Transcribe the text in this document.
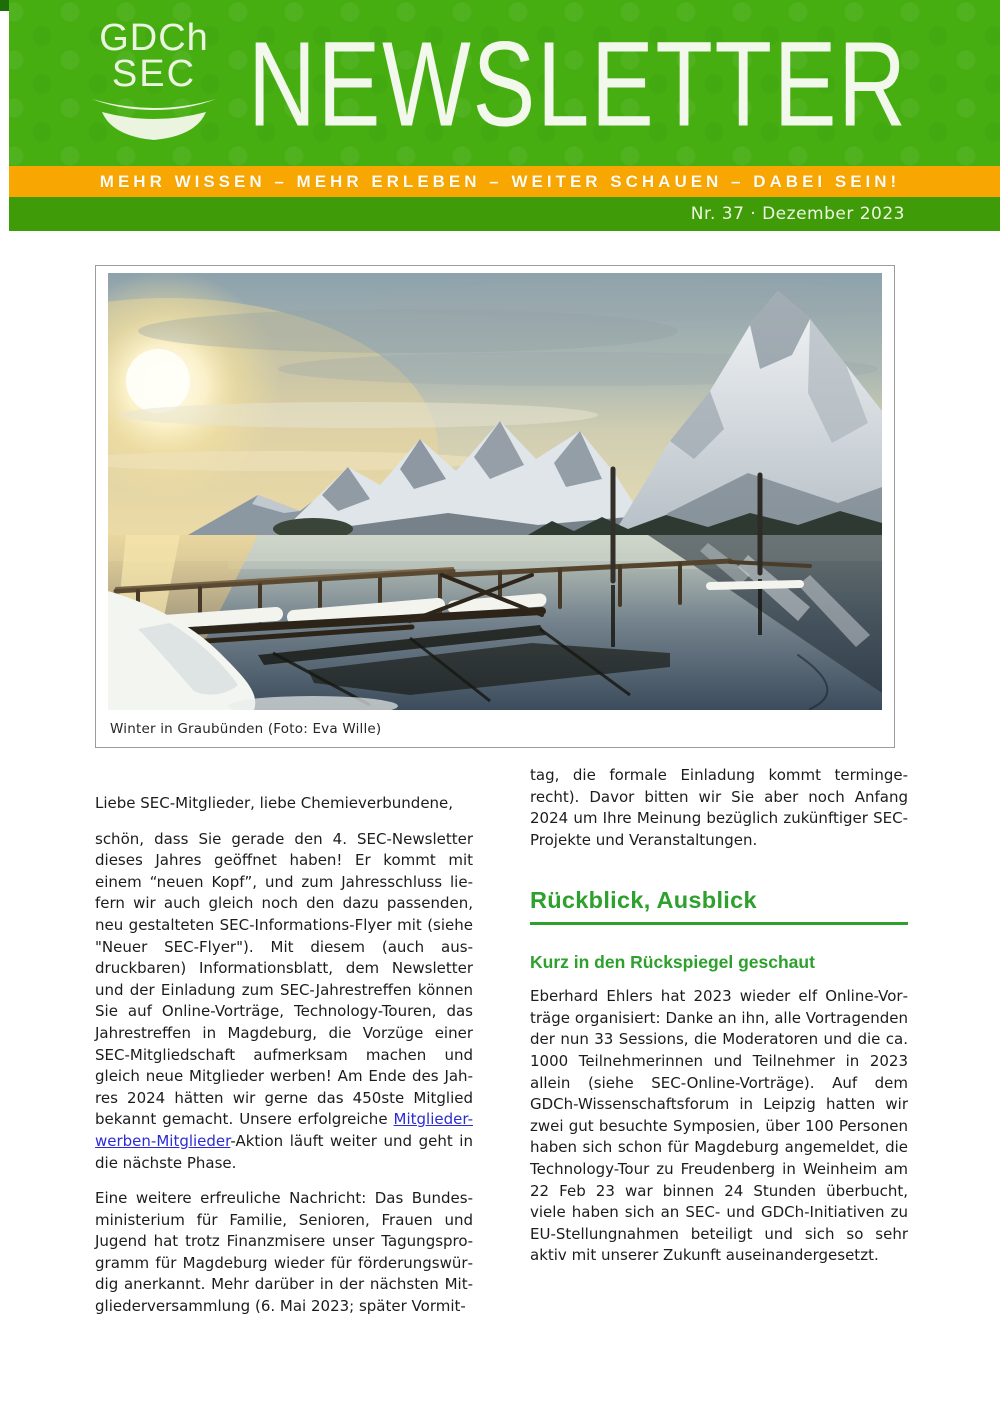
GDCh
SEC NEWSLETTER
MEHR WISSEN – MEHR ERLEBEN – WEITER SCHAUEN – DABEI SEIN!
Nr. 37 · Dezember 2023
Winter in Graubünden (Foto: Eva Wille)

Liebe SEC-Mitglieder, liebe Chemieverbundene,

schön, dass Sie gerade den 4. SEC-Newsletter dieses Jahres geöffnet haben! Er kommt mit einem “neuen Kopf”, und zum Jahresschluss liefern wir auch gleich noch den dazu passenden, neu gestalteten SEC-Informations-Flyer mit (siehe "Neuer SEC-Flyer"). Mit diesem (auch ausdruckbaren) Informationsblatt, dem Newsletter und der Einladung zum SEC-Jahrestreffen können Sie auf Online-Vorträge, Technology-Touren, das Jahrestreffen in Magdeburg, die Vorzüge einer SEC-Mitgliedschaft aufmerksam machen und gleich neue Mitglieder werben! Am Ende des Jahres 2024 hätten wir gerne das 450ste Mitglied bekannt gemacht. Unsere erfolgreiche Mitglieder-werben-Mitglieder-Aktion läuft weiter und geht in die nächste Phase.

Eine weitere erfreuliche Nachricht: Das Bundesministerium für Familie, Senioren, Frauen und Jugend hat trotz Finanzmisere unser Tagungsprogramm für Magdeburg wieder für förderungswürdig anerkannt. Mehr darüber in der nächsten Mitgliederversammlung (6. Mai 2023; später Vormit-

tag, die formale Einladung kommt termingerecht). Davor bitten wir Sie aber noch Anfang 2024 um Ihre Meinung bezüglich zukünftiger SEC-Projekte und Veranstaltungen.

Rückblick, Ausblick
Kurz in den Rückspiegel geschaut

Eberhard Ehlers hat 2023 wieder elf Online-Vorträge organisiert: Danke an ihn, alle Vortragenden der nun 33 Sessions, die Moderatoren und die ca. 1000 Teilnehmerinnen und Teilnehmer in 2023 allein (siehe SEC-Online-Vorträge). Auf dem GDCh-Wissenschaftsforum in Leipzig hatten wir zwei gut besuchte Symposien, über 100 Personen haben sich schon für Magdeburg angemeldet, die Technology-Tour zu Freudenberg in Weinheim am 22 Feb 23 war binnen 24 Stunden überbucht, viele haben sich an SEC- und GDCh-Initiativen zu EU-Stellungnahmen beteiligt und sich so sehr aktiv mit unserer Zukunft auseinandergesetzt.
